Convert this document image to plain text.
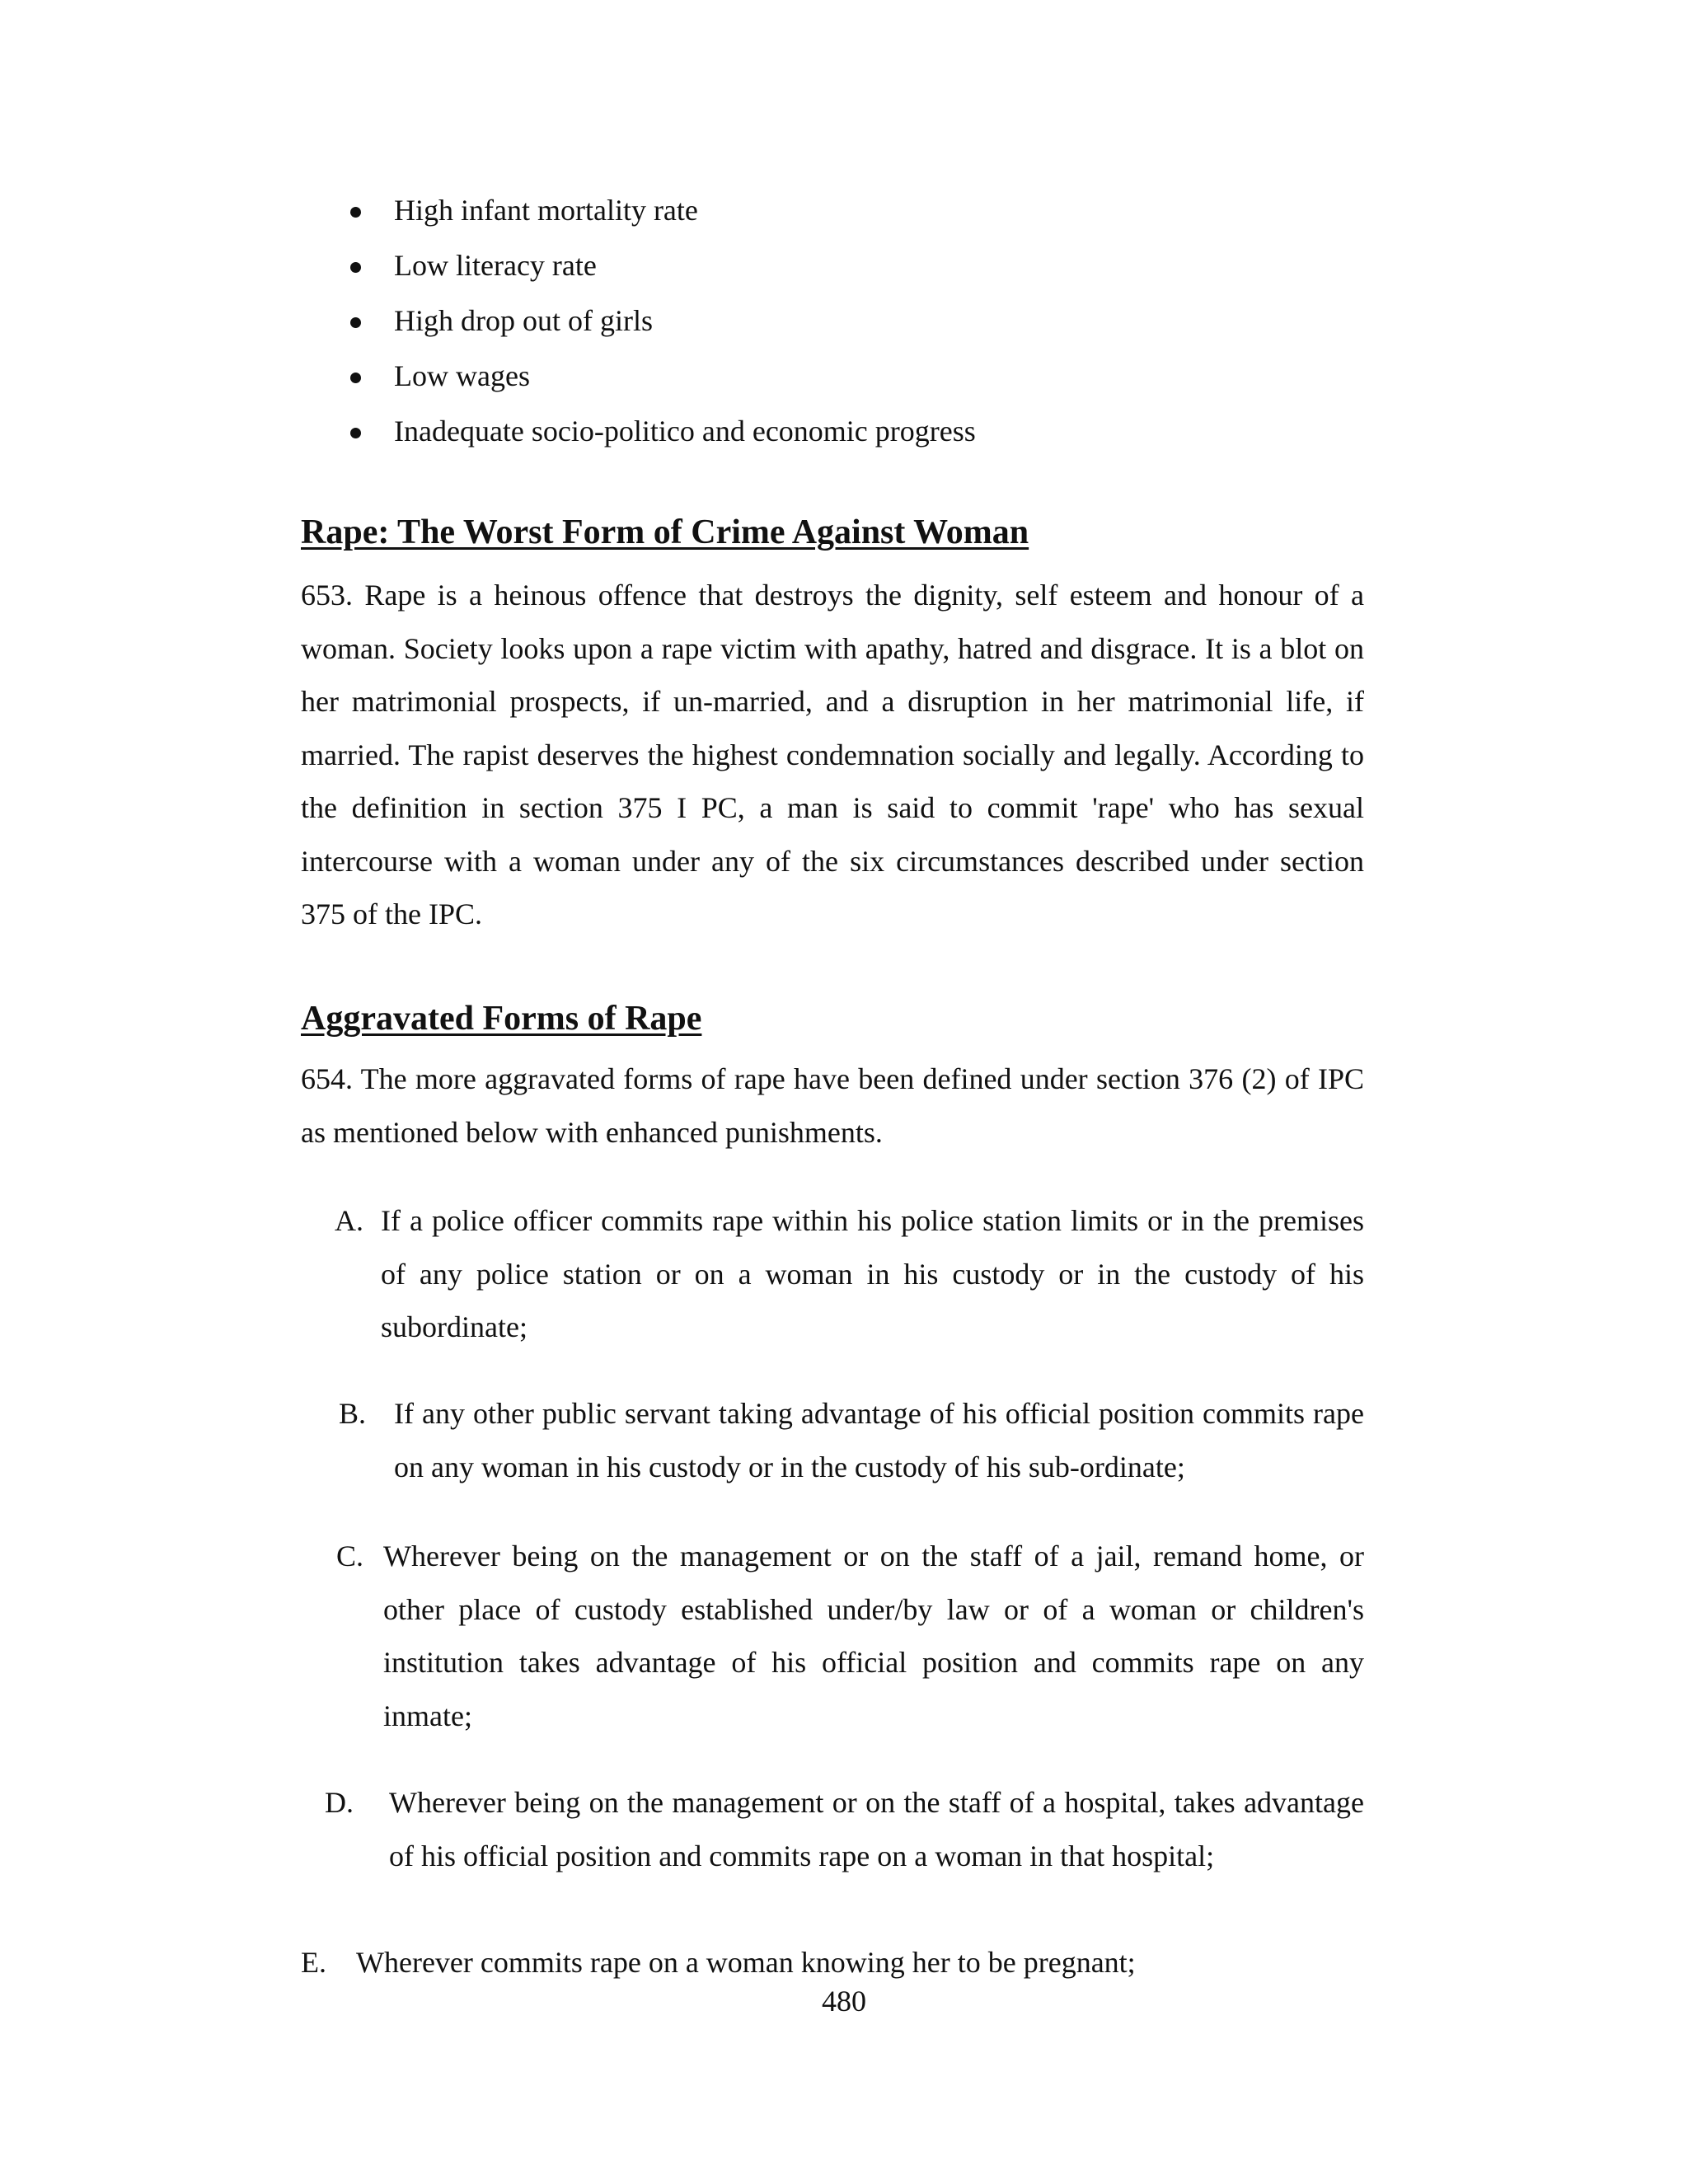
High infant mortality rate
Low literacy rate
High drop out of girls
Low wages
Inadequate socio-politico and economic progress
Rape: The Worst Form of Crime Against Woman

653. Rape is a heinous offence that destroys the dignity, self esteem and honour of a woman. Society looks upon a rape victim with apathy, hatred and disgrace. It is a blot on her matrimonial prospects, if un-married, and a disruption in her matrimonial life, if married. The rapist deserves the highest condemnation socially and legally. According to the definition in section 375 I PC, a man is said to commit 'rape' who has sexual intercourse with a woman under any of the six circumstances described under section 375 of the IPC.

Aggravated Forms of Rape

654. The more aggravated forms of rape have been defined under section 376 (2) of IPC as mentioned below with enhanced punishments.

A. If a police officer commits rape within his police station limits or in the premises of any police station or on a woman in his custody or in the custody of his subordinate;
B. If any other public servant taking advantage of his official position commits rape on any woman in his custody or in the custody of his sub-ordinate;
C. Wherever being on the management or on the staff of a jail, remand home, or other place of custody established under/by law or of a woman or children's institution takes advantage of his official position and commits rape on any inmate;
D. Wherever being on the management or on the staff of a hospital, takes advantage of his official position and commits rape on a woman in that hospital;
E. Wherever commits rape on a woman knowing her to be pregnant;
480
